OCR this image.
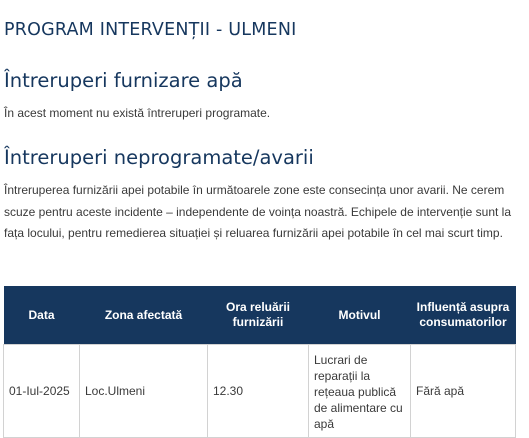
PROGRAM INTERVENȚII - ULMENI
Întreruperi furnizare apă

În acest moment nu există întreruperi programate.

Întreruperi neprogramate/avarii

Întreruperea furnizării apei potabile în următoarele zone este consecința unor avarii. Ne cerem scuze pentru aceste incidente – independente de voința noastră. Echipele de intervenție sunt la fața locului, pentru remedierea situației și reluarea furnizării apei potabile în cel mai scurt timp.

Data	Zona afectată	Ora reluării furnizării	Motivul	Influență asupra consumatorilor
01-Iul-2025	Loc.Ulmeni	12.30	Lucrari de reparații la rețeaua publică de alimentare cu apă	Fără apă
